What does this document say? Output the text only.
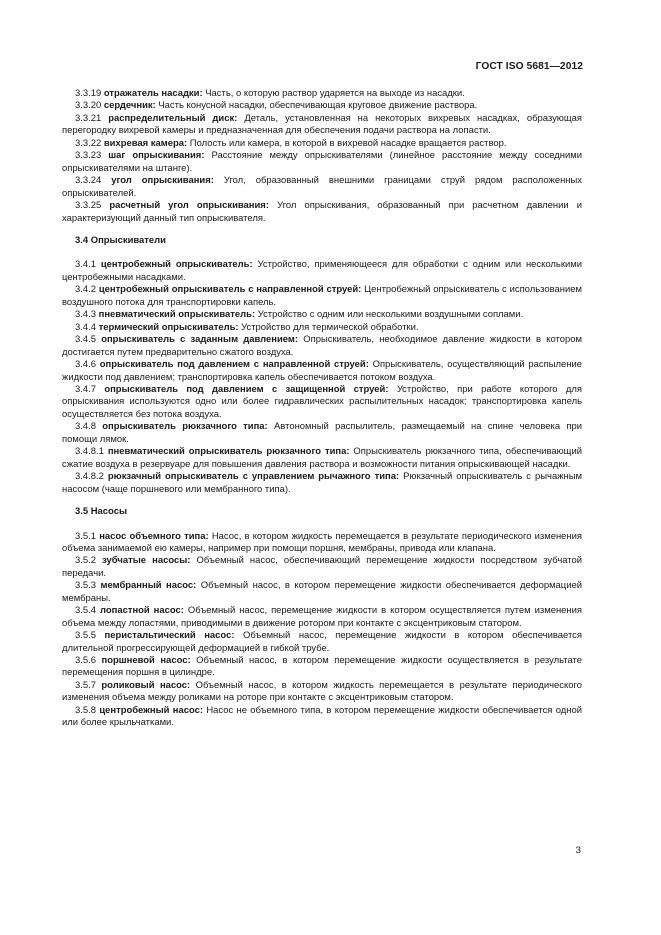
ГОСТ ISO 5681—2012

3.3.19 отражатель насадки: Часть, о которую раствор ударяется на выходе из насадки.

3.3.20 сердечник: Часть конусной насадки, обеспечивающая круговое движение раствора.

3.3.21 распределительный диск: Деталь, установленная на некоторых вихревых насадках, образующая перегородку вихревой камеры и предназначенная для обеспечения подачи раствора на лопасти.

3.3.22 вихревая камера: Полость или камера, в которой в вихревой насадке вращается раствор.

3.3.23 шаг опрыскивания: Расстояние между опрыскивателями (линейное расстояние между соседними опрыскивателями на штанге).

3.3.24 угол опрыскивания: Угол, образованный внешними границами струй рядом расположенных опрыскивателей.

3.3.25 расчетный угол опрыскивания: Угол опрыскивания, образованный при расчетном давлении и характеризующий данный тип опрыскивателя.

3.4 Опрыскиватели

3.4.1 центробежный опрыскиватель: Устройство, применяющееся для обработки с одним или несколькими центробежными насадками.

3.4.2 центробежный опрыскиватель с направленной струей: Центробежный опрыскиватель с использованием воздушного потока для транспортировки капель.

3.4.3 пневматический опрыскиватель: Устройство с одним или несколькими воздушными соплами.

3.4.4 термический опрыскиватель: Устройство для термической обработки.

3.4.5 опрыскиватель с заданным давлением: Опрыскиватель, необходимое давление жидкости в котором достигается путем предварительно сжатого воздуха.

3.4.6 опрыскиватель под давлением с направленной струей: Опрыскиватель, осуществляющий распыление жидкости под давлением; транспортировка капель обеспечивается потоком воздуха.

3.4.7 опрыскиватель под давлением с защищенной струей: Устройство, при работе которого для опрыскивания используются одно или более гидравлических распылительных насадок; транспортировка капель осуществляется без потока воздуха.

3.4.8 опрыскиватель рюкзачного типа: Автономный распылитель, размещаемый на спине человека при помощи лямок.

3.4.8.1 пневматический опрыскиватель рюкзачного типа: Опрыскиватель рюкзачного типа, обеспечивающий сжатие воздуха в резервуаре для повышения давления раствора и возможности питания опрыскивающей насадки.

3.4.8.2 рюкзачный опрыскиватель с управлением рычажного типа: Рюкзачный опрыскиватель с рычажным насосом (чаще поршневого или мембранного типа).

3.5 Насосы

3.5.1 насос объемного типа: Насос, в котором жидкость перемещается в результате периодического изменения объема занимаемой ею камеры, например при помощи поршня, мембраны, привода или клапана.

3.5.2 зубчатые насосы: Объемный насос, обеспечивающий перемещение жидкости посредством зубчатой передачи.

3.5.3 мембранный насос: Объемный насос, в котором перемещение жидкости обеспечивается деформацией мембраны.

3.5.4 лопастной насос: Объемный насос, перемещение жидкости в котором осуществляется путем изменения объема между лопастями, приводимыми в движение ротором при контакте с эксцентриковым статором.

3.5.5 перистальтический насос: Объемный насос, перемещение жидкости в котором обеспечивается длительной прогрессирующей деформацией в гибкой трубе.

3.5.6 поршневой насос: Объемный насос, в котором перемещение жидкости осуществляется в результате перемещения поршня в цилиндре.

3.5.7 роликовый насос: Объемный насос, в котором жидкость перемещается в результате периодического изменения объема между роликами на роторе при контакте с эксцентриковым статором.

3.5.8 центробежный насос: Насос не объемного типа, в котором перемещение жидкости обеспечивается одной или более крыльчатками.

3
